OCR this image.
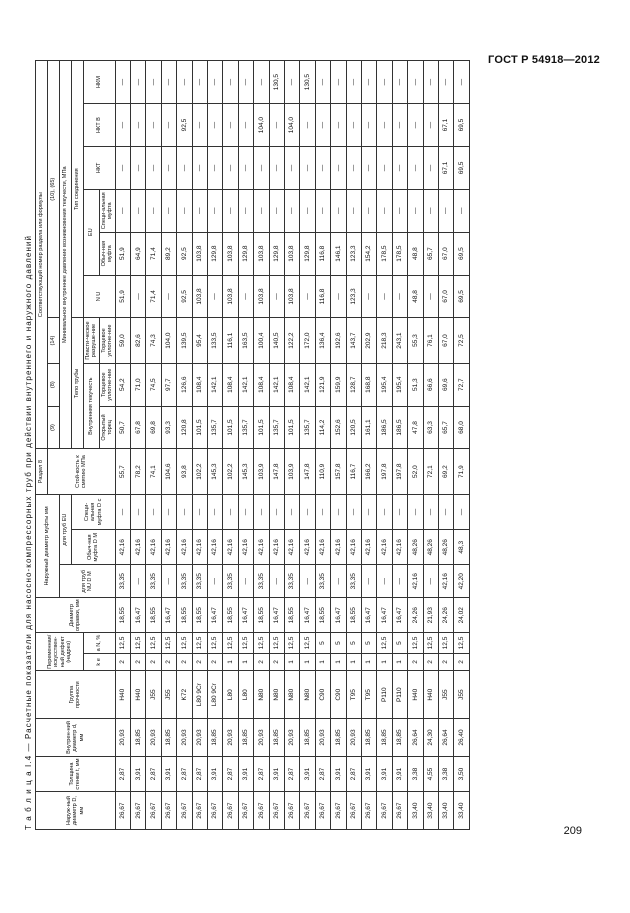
ГОСТ Р 54918—2012
Т а б л и ц а I.4 — Расчетные показатели для насосно-компрессорных труб при действии внутреннего и наружного давлений	Наруж-ный диаметр D, мм	Толщина стенки t, мм	Внутрен-ний диаметр d, мм	Группа прочности	Переменная/ искусствен-ный дефект (надрез)		Диаметр оправки, мм	Наружный диаметр муфты мм			Раздел 8	Соответствующий номер раздела или формулы								
										Стой-кость к смятию МПа	(9)	(8)	(14)	(10), (65)					
							для труб NU D M	для труб EU			Минимальное внутреннее давление возникновения текучести, МПа								
								Обыч-ная муфта D M	Специ-альная муфта D c		Тело трубы			Тип соединения					
				k e	a N, %						Внутренняя текучесть		Пласти-ческое разруше-ние	N U	EU		НКТ	НКТ В	НКМ
											Открытый торец	Торцевое уплотне-ние	Торцевое уплотне-ние		Обыч-ная муфта	Специ-альная муфта			
26,67	2,87	20,93	H40	2	12,5	18,55	33,35	42,16	—	55,7	50,7	54,2	59,0	51,9	51,9	—	—	—	—
26,67	3,91	18,85	H40	2	12,5	16,47	—	42,16	—	78,2	67,8	71,0	82,6	—	64,9	—	—	—	—
26,67	2,87	20,93	J55	2	12,5	18,55	33,35	42,16	—	74,1	69,8	74,5	74,3	71,4	71,4	—	—	—	—
26,67	3,91	18,85	J55	2	12,5	16,47	—	42,16	—	104,6	93,3	97,7	104,0	—	89,2	—	—	—	—
26,67	2,87	20,93	K72	2	12,5	18,55	33,35	42,16	—	93,8	120,8	126,6	139,5	92,5	92,5	—	—	92,5	—
26,67	2,87	20,93	L80 9Cr	2	12,5	18,55	33,35	42,16	—	102,2	101,5	108,4	95,4	103,8	103,8	—	—	—	—
26,67	3,91	18,85	L80 9Cr	2	12,5	16,47	—	42,16	—	145,3	135,7	142,1	133,5	—	129,8	—	—	—	—
26,67	2,87	20,93	L80	1	12,5	18,55	33,35	42,16	—	102,2	101,5	108,4	116,1	103,8	103,8	—	—	—	—
26,67	3,91	18,85	L80	1	12,5	16,47	—	42,16	—	145,3	135,7	142,1	163,5	—	129,8	—	—	—	—
26,67	2,87	20,93	N80	2	12,5	18,55	33,35	42,16	—	103,9	101,5	108,4	100,4	103,8	103,8	—	—	104,0	—
26,67	3,91	18,85	N80	2	12,5	16,47	—	42,16	—	147,8	135,7	142,1	140,5	—	129,8	—	—	—	130,5
26,67	2,87	20,93	N80	1	12,5	18,55	33,35	42,16	—	103,9	101,5	108,4	122,2	103,8	103,8	—	—	104,0	—
26,67	3,91	18,85	N80	1	12,5	16,47	—	42,16	—	147,8	135,7	142,1	172,0	—	129,8	—	—	—	130,5
26,67	2,87	20,93	C90	1	5	18,55	33,35	42,16	—	110,9	114,2	121,9	136,4	116,8	116,8	—	—	—	—
26,67	3,91	18,85	C90	1	5	16,47	—	42,16	—	157,8	152,6	159,9	192,6	—	146,1	—	—	—	—
26,67	2,87	20,93	T95	1	5	18,55	33,35	42,16	—	116,7	120,5	128,7	143,7	123,3	123,3	—	—	—	—
26,67	3,91	18,85	T95	1	5	16,47	—	42,16	—	166,2	161,1	168,8	202,9	—	154,2	—	—	—	—
26,67	3,91	18,85	P110	1	12,5	16,47	—	42,16	—	197,8	186,5	195,4	218,3	—	178,5	—	—	—	—
26,67	3,91	18,85	P110	1	5	16,47	—	42,16	—	197,8	186,5	195,4	243,1	—	178,5	—	—	—	—
33,40	3,38	26,64	H40	2	12,5	24,26	42,16	48,26	—	52,0	47,8	51,3	55,3	48,8	48,8	—	—	—	—
33,40	4,55	24,30	H40	2	12,5	21,93	—	48,26	—	72,1	63,3	66,6	76,1	—	65,7	—	—	—	—
33,40	3,38	26,64	J55	2	12,5	24,26	42,16	48,26	—	69,2	65,7	69,6	67,0	67,0	67,0	—	67,1	67,1	—
33,40	3,50	26,40	J55	2	12,5	24,02	42,20	48,3	—	71,9	68,0	72,7	72,5	69,5	69,5	—	69,5	69,5	—
209
